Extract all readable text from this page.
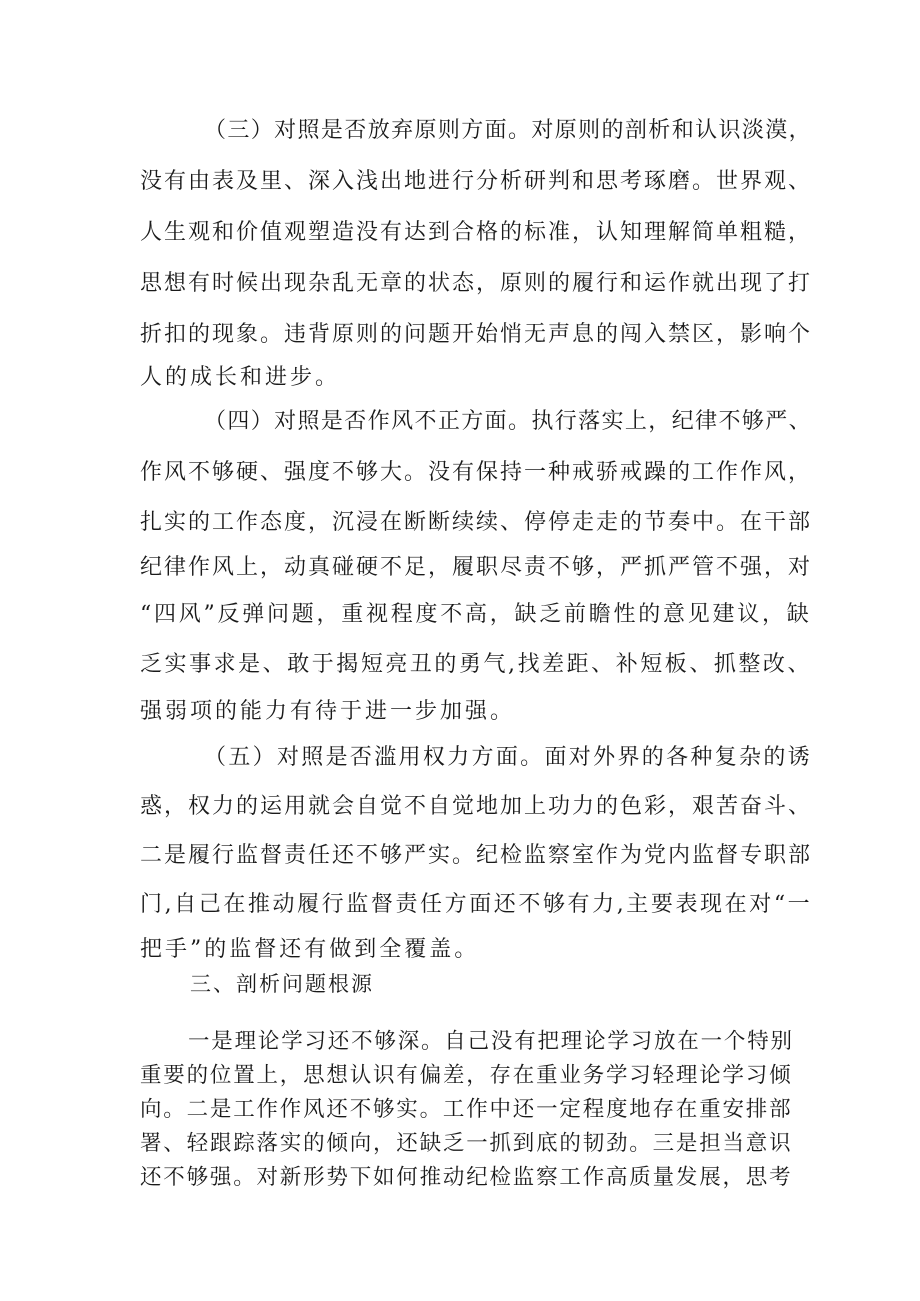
（三）对照是否放弃原则方面。对原则的剖析和认识淡漠，

没有由表及里、深入浅出地进行分析研判和思考琢磨。世界观、

人生观和价值观塑造没有达到合格的标准，认知理解简单粗糙，

思想有时候出现杂乱无章的状态，原则的履行和运作就出现了打

折扣的现象。违背原则的问题开始悄无声息的闯入禁区，影响个

人的成长和进步。

（四）对照是否作风不正方面。执行落实上，纪律不够严、

作风不够硬、强度不够大。没有保持一种戒骄戒躁的工作作风，

扎实的工作态度，沉浸在断断续续、停停走走的节奏中。在干部

纪律作风上，动真碰硬不足，履职尽责不够，严抓严管不强，对

“四风”反弹问题，重视程度不高，缺乏前瞻性的意见建议，缺

乏实事求是、敢于揭短亮丑的勇气,找差距、补短板、抓整改、

强弱项的能力有待于进一步加强。

（五）对照是否滥用权力方面。面对外界的各种复杂的诱

惑，权力的运用就会自觉不自觉地加上功力的色彩，艰苦奋斗、

二是履行监督责任还不够严实。纪检监察室作为党内监督专职部

门,自己在推动履行监督责任方面还不够有力,主要表现在对“一

把手”的监督还有做到全覆盖。

三、剖析问题根源

一是理论学习还不够深。自己没有把理论学习放在一个特别

重要的位置上，思想认识有偏差，存在重业务学习轻理论学习倾

向。二是工作作风还不够实。工作中还一定程度地存在重安排部

署、轻跟踪落实的倾向，还缺乏一抓到底的韧劲。三是担当意识

还不够强。对新形势下如何推动纪检监察工作高质量发展，思考
